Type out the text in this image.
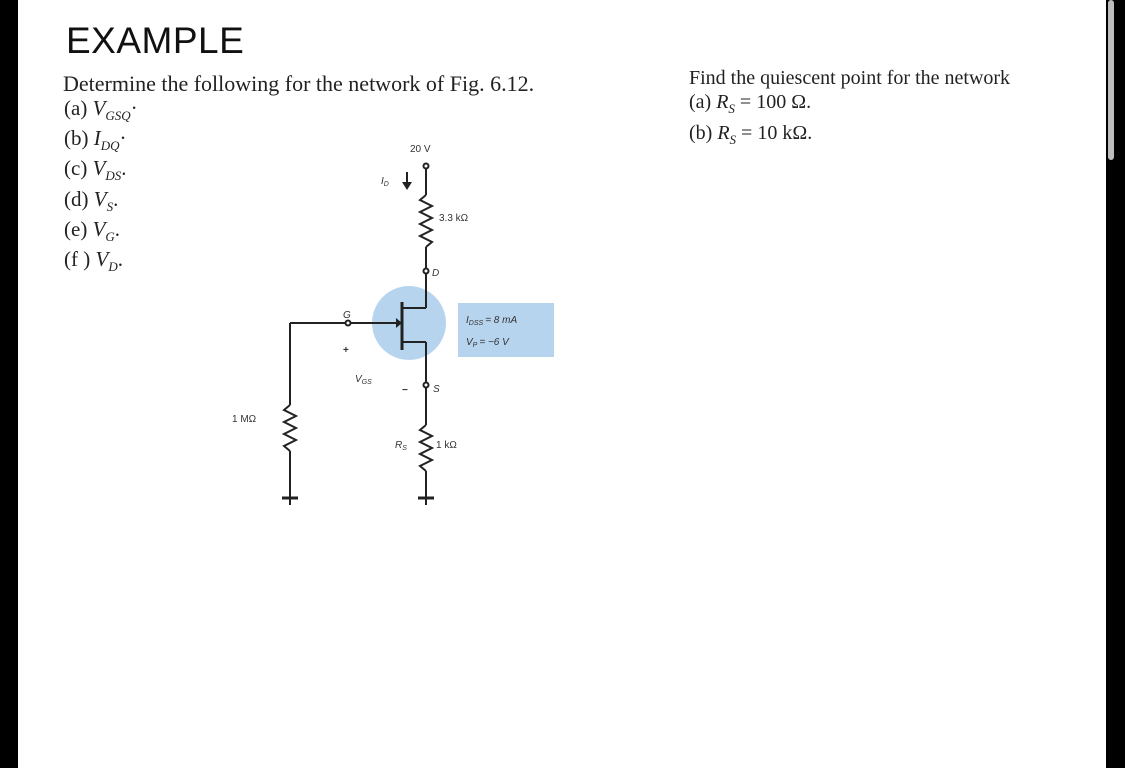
EXAMPLE
Determine the following for the network of Fig. 6.12.
(a) $V_{GSQ}\cdot$
(b) $I_{DQ}\cdot$
(c) $V_{DS}$.
(d) $V_S$.
(e) $V_G$.
(f ) $V_D$.
Find the quiescent point for the network
(a) $R_S = 100$ Ω.
(b) $R_S = 10$ kΩ.
20 V
$I_D$
3.3 kΩ
D
G
+
$V_{GS}$
−	S
$I_{DSS} = 8$ mA
$V_P = -6$ V
1 MΩ
$R_S$	1 kΩ
